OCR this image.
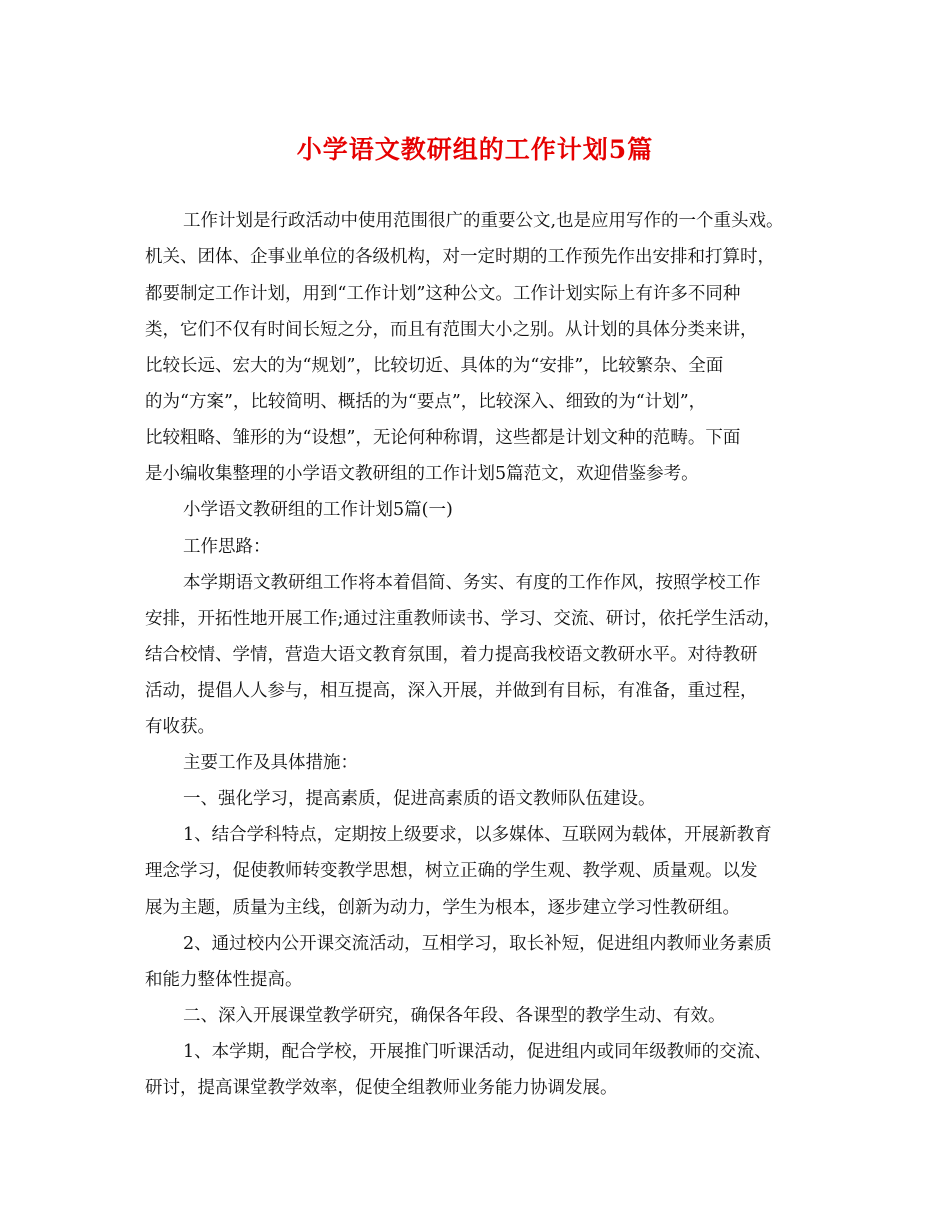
小学语文教研组的工作计划5篇
工作计划是行政活动中使用范围很广的重要公文,也是应用写作的一个重头戏。
机关、团体、企事业单位的各级机构，对一定时期的工作预先作出安排和打算时，
都要制定工作计划，用到“工作计划”这种公文。工作计划实际上有许多不同种
类，它们不仅有时间长短之分，而且有范围大小之别。从计划的具体分类来讲，
比较长远、宏大的为“规划”，比较切近、具体的为“安排”，比较繁杂、全面
的为“方案”，比较简明、概括的为“要点”，比较深入、细致的为“计划”，
比较粗略、雏形的为“设想”，无论何种称谓，这些都是计划文种的范畴。下面
是小编收集整理的小学语文教研组的工作计划5篇范文，欢迎借鉴参考。
小学语文教研组的工作计划5篇(一)
工作思路：
本学期语文教研组工作将本着倡简、务实、有度的工作作风，按照学校工作
安排，开拓性地开展工作;通过注重教师读书、学习、交流、研讨，依托学生活动，
结合校情、学情，营造大语文教育氛围，着力提高我校语文教研水平。对待教研
活动，提倡人人参与，相互提高，深入开展，并做到有目标，有准备，重过程，
有收获。
主要工作及具体措施：
一、强化学习，提高素质，促进高素质的语文教师队伍建设。
1、结合学科特点，定期按上级要求，以多媒体、互联网为载体，开展新教育
理念学习，促使教师转变教学思想，树立正确的学生观、教学观、质量观。以发
展为主题，质量为主线，创新为动力，学生为根本，逐步建立学习性教研组。
2、通过校内公开课交流活动，互相学习，取长补短，促进组内教师业务素质
和能力整体性提高。
二、深入开展课堂教学研究，确保各年段、各课型的教学生动、有效。
1、本学期，配合学校，开展推门听课活动，促进组内或同年级教师的交流、
研讨，提高课堂教学效率，促使全组教师业务能力协调发展。
